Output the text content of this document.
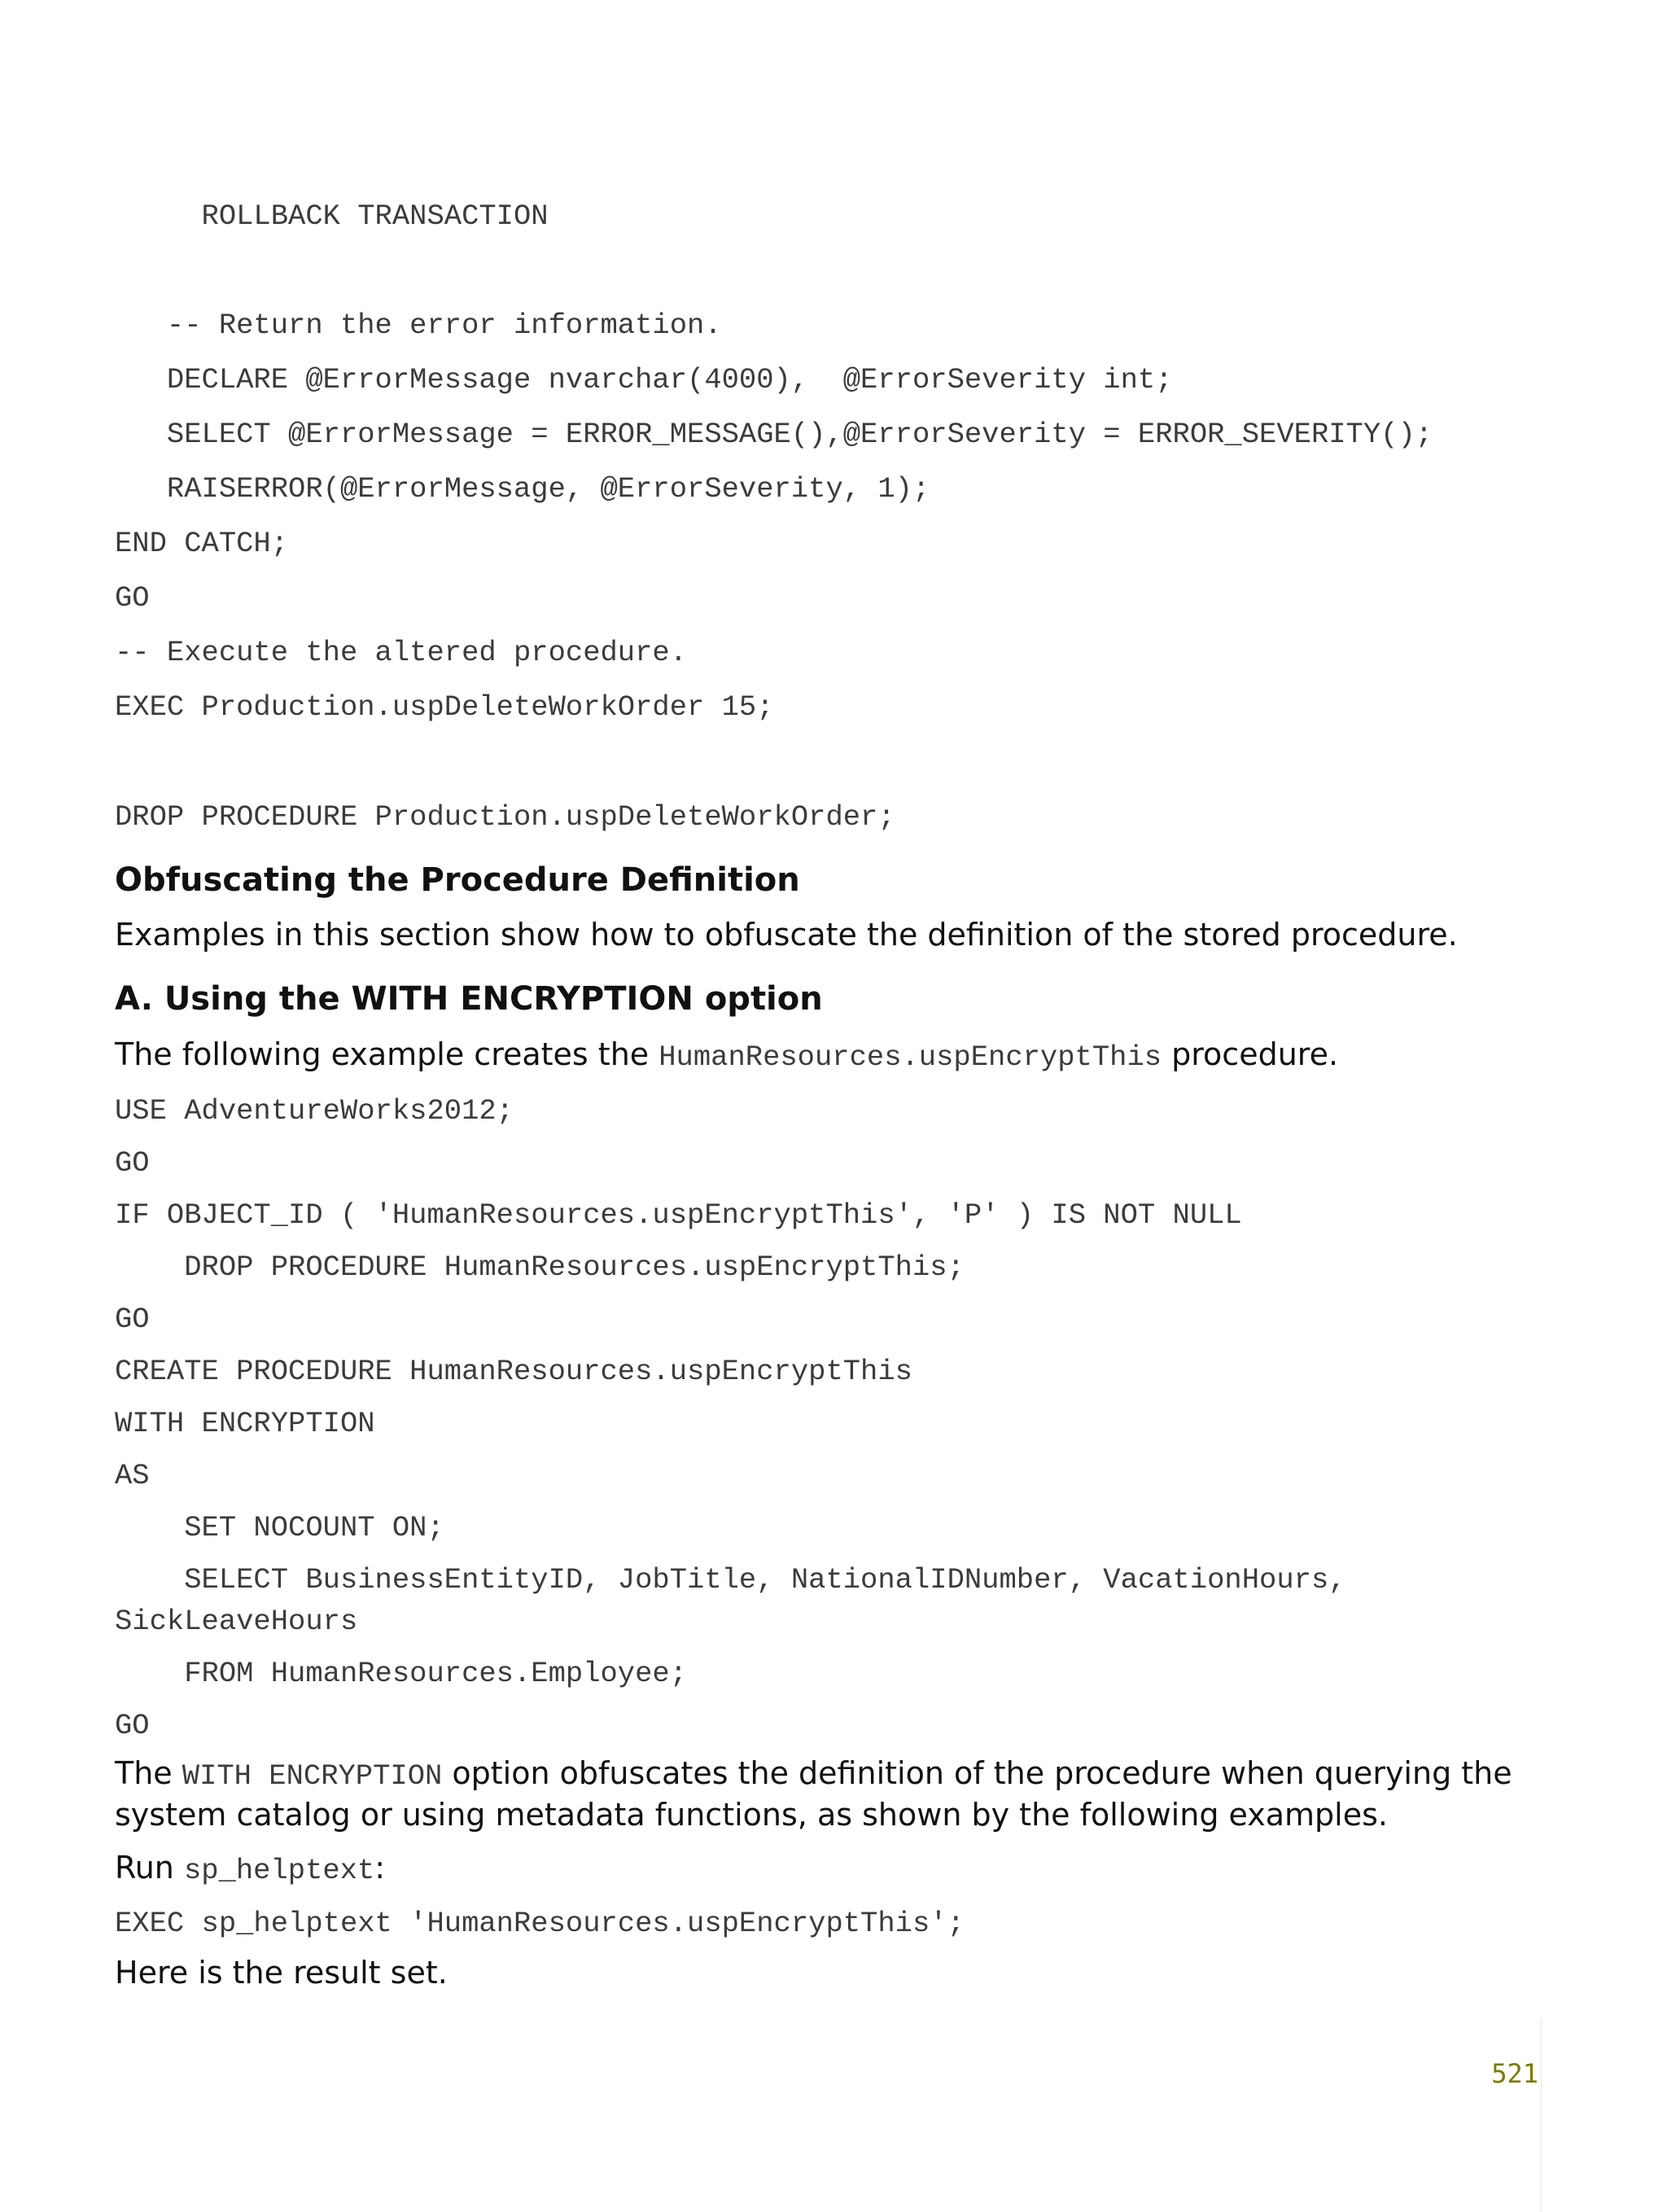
ROLLBACK TRANSACTION
-- Return the error information.
DECLARE @ErrorMessage nvarchar(4000),  @ErrorSeverity int;
SELECT @ErrorMessage = ERROR_MESSAGE(),@ErrorSeverity = ERROR_SEVERITY();
RAISERROR(@ErrorMessage, @ErrorSeverity, 1);
END CATCH;
GO
-- Execute the altered procedure.
EXEC Production.uspDeleteWorkOrder 15;
DROP PROCEDURE Production.uspDeleteWorkOrder;
Obfuscating the Procedure Definition

Examples in this section show how to obfuscate the definition of the stored procedure.

A. Using the WITH ENCRYPTION option

The following example creates the HumanResources.uspEncryptThis procedure.

USE AdventureWorks2012;
GO
IF OBJECT_ID ( 'HumanResources.uspEncryptThis', 'P' ) IS NOT NULL
DROP PROCEDURE HumanResources.uspEncryptThis;
GO
CREATE PROCEDURE HumanResources.uspEncryptThis
WITH ENCRYPTION
AS
SET NOCOUNT ON;
SELECT BusinessEntityID, JobTitle, NationalIDNumber, VacationHours,
SickLeaveHours
FROM HumanResources.Employee;
GO

The WITH ENCRYPTION option obfuscates the definition of the procedure when querying the

system catalog or using metadata functions, as shown by the following examples.

Run sp_helptext:

EXEC sp_helptext 'HumanResources.uspEncryptThis';

Here is the result set.

521
